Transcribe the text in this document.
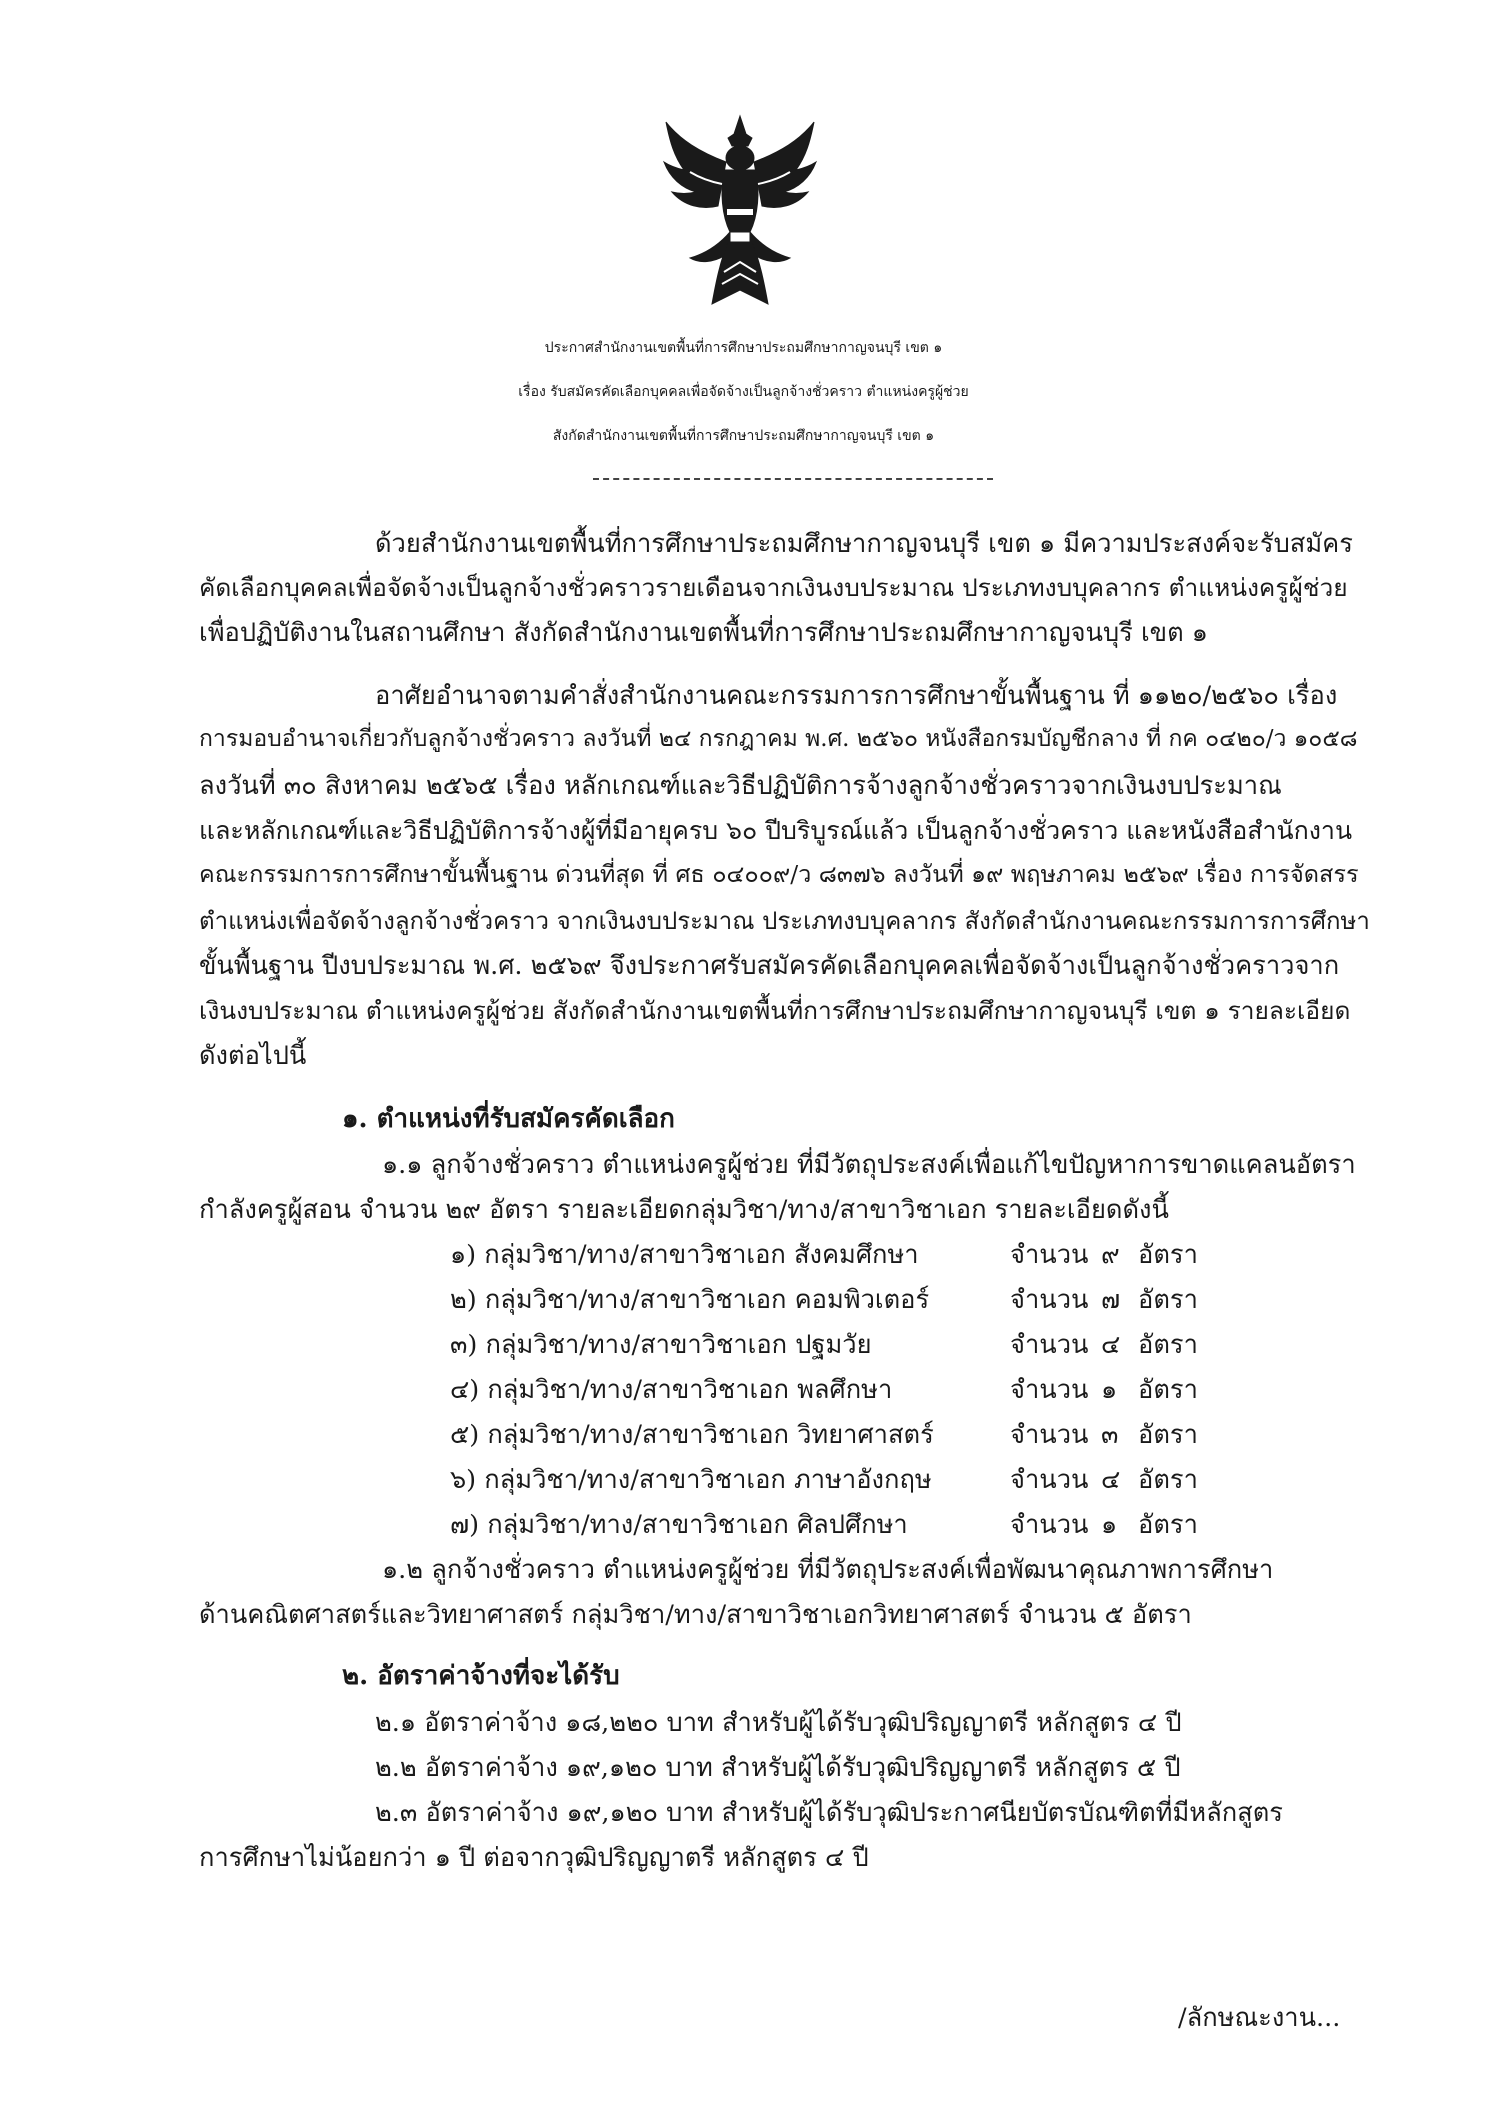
ประกาศสำนักงานเขตพื้นที่การศึกษาประถมศึกษากาญจนบุรี เขต ๑
เรื่อง รับสมัครคัดเลือกบุคคลเพื่อจัดจ้างเป็นลูกจ้างชั่วคราว ตำแหน่งครูผู้ช่วย
สังกัดสำนักงานเขตพื้นที่การศึกษาประถมศึกษากาญจนบุรี เขต ๑
ด้วยสำนักงานเขตพื้นที่การศึกษาประถมศึกษากาญจนบุรี เขต ๑ มีความประสงค์จะรับสมัคร
คัดเลือกบุคคลเพื่อจัดจ้างเป็นลูกจ้างชั่วคราวรายเดือนจากเงินงบประมาณ ประเภทงบบุคลากร ตำแหน่งครูผู้ช่วย
เพื่อปฏิบัติงานในสถานศึกษา สังกัดสำนักงานเขตพื้นที่การศึกษาประถมศึกษากาญจนบุรี เขต ๑
อาศัยอำนาจตามคำสั่งสำนักงานคณะกรรมการการศึกษาขั้นพื้นฐาน ที่ ๑๑๒๐/๒๕๖๐ เรื่อง
การมอบอำนาจเกี่ยวกับลูกจ้างชั่วคราว ลงวันที่ ๒๔ กรกฎาคม พ.ศ. ๒๕๖๐ หนังสือกรมบัญชีกลาง ที่ กค ๐๔๒๐/ว ๑๐๕๘
ลงวันที่ ๓๐ สิงหาคม ๒๕๖๕ เรื่อง หลักเกณฑ์และวิธีปฏิบัติการจ้างลูกจ้างชั่วคราวจากเงินงบประมาณ
และหลักเกณฑ์และวิธีปฏิบัติการจ้างผู้ที่มีอายุครบ ๖๐ ปีบริบูรณ์แล้ว เป็นลูกจ้างชั่วคราว และหนังสือสำนักงาน
คณะกรรมการการศึกษาขั้นพื้นฐาน ด่วนที่สุด ที่ ศธ ๐๔๐๐๙/ว ๘๓๗๖ ลงวันที่ ๑๙ พฤษภาคม ๒๕๖๙ เรื่อง การจัดสรร
ตำแหน่งเพื่อจัดจ้างลูกจ้างชั่วคราว จากเงินงบประมาณ ประเภทงบบุคลากร สังกัดสำนักงานคณะกรรมการการศึกษา
ขั้นพื้นฐาน ปีงบประมาณ พ.ศ. ๒๕๖๙ จึงประกาศรับสมัครคัดเลือกบุคคลเพื่อจัดจ้างเป็นลูกจ้างชั่วคราวจาก
เงินงบประมาณ ตำแหน่งครูผู้ช่วย สังกัดสำนักงานเขตพื้นที่การศึกษาประถมศึกษากาญจนบุรี เขต ๑ รายละเอียด
ดังต่อไปนี้
๑. ตำแหน่งที่รับสมัครคัดเลือก
๑.๑ ลูกจ้างชั่วคราว ตำแหน่งครูผู้ช่วย ที่มีวัตถุประสงค์เพื่อแก้ไขปัญหาการขาดแคลนอัตรา
กำลังครูผู้สอน จำนวน ๒๙ อัตรา รายละเอียดกลุ่มวิชา/ทาง/สาขาวิชาเอก รายละเอียดดังนี้
๑) กลุ่มวิชา/ทาง/สาขาวิชาเอก สังคมศึกษา	จำนวน ๙ อัตรา
๒) กลุ่มวิชา/ทาง/สาขาวิชาเอก คอมพิวเตอร์	จำนวน ๗ อัตรา
๓) กลุ่มวิชา/ทาง/สาขาวิชาเอก ปฐมวัย	จำนวน ๔ อัตรา
๔) กลุ่มวิชา/ทาง/สาขาวิชาเอก พลศึกษา	จำนวน ๑ อัตรา
๕) กลุ่มวิชา/ทาง/สาขาวิชาเอก วิทยาศาสตร์	จำนวน ๓ อัตรา
๖) กลุ่มวิชา/ทาง/สาขาวิชาเอก ภาษาอังกฤษ	จำนวน ๔ อัตรา
๗) กลุ่มวิชา/ทาง/สาขาวิชาเอก ศิลปศึกษา	จำนวน ๑ อัตรา
๑.๒ ลูกจ้างชั่วคราว ตำแหน่งครูผู้ช่วย ที่มีวัตถุประสงค์เพื่อพัฒนาคุณภาพการศึกษา
ด้านคณิตศาสตร์และวิทยาศาสตร์ กลุ่มวิชา/ทาง/สาขาวิชาเอกวิทยาศาสตร์ จำนวน ๕ อัตรา
๒. อัตราค่าจ้างที่จะได้รับ
๒.๑ อัตราค่าจ้าง ๑๘,๒๒๐ บาท สำหรับผู้ได้รับวุฒิปริญญาตรี หลักสูตร ๔ ปี
๒.๒ อัตราค่าจ้าง ๑๙,๑๒๐ บาท สำหรับผู้ได้รับวุฒิปริญญาตรี หลักสูตร ๕ ปี
๒.๓ อัตราค่าจ้าง ๑๙,๑๒๐ บาท สำหรับผู้ได้รับวุฒิประกาศนียบัตรบัณฑิตที่มีหลักสูตร
การศึกษาไม่น้อยกว่า ๑ ปี ต่อจากวุฒิปริญญาตรี หลักสูตร ๔ ปี
/ลักษณะงาน...
